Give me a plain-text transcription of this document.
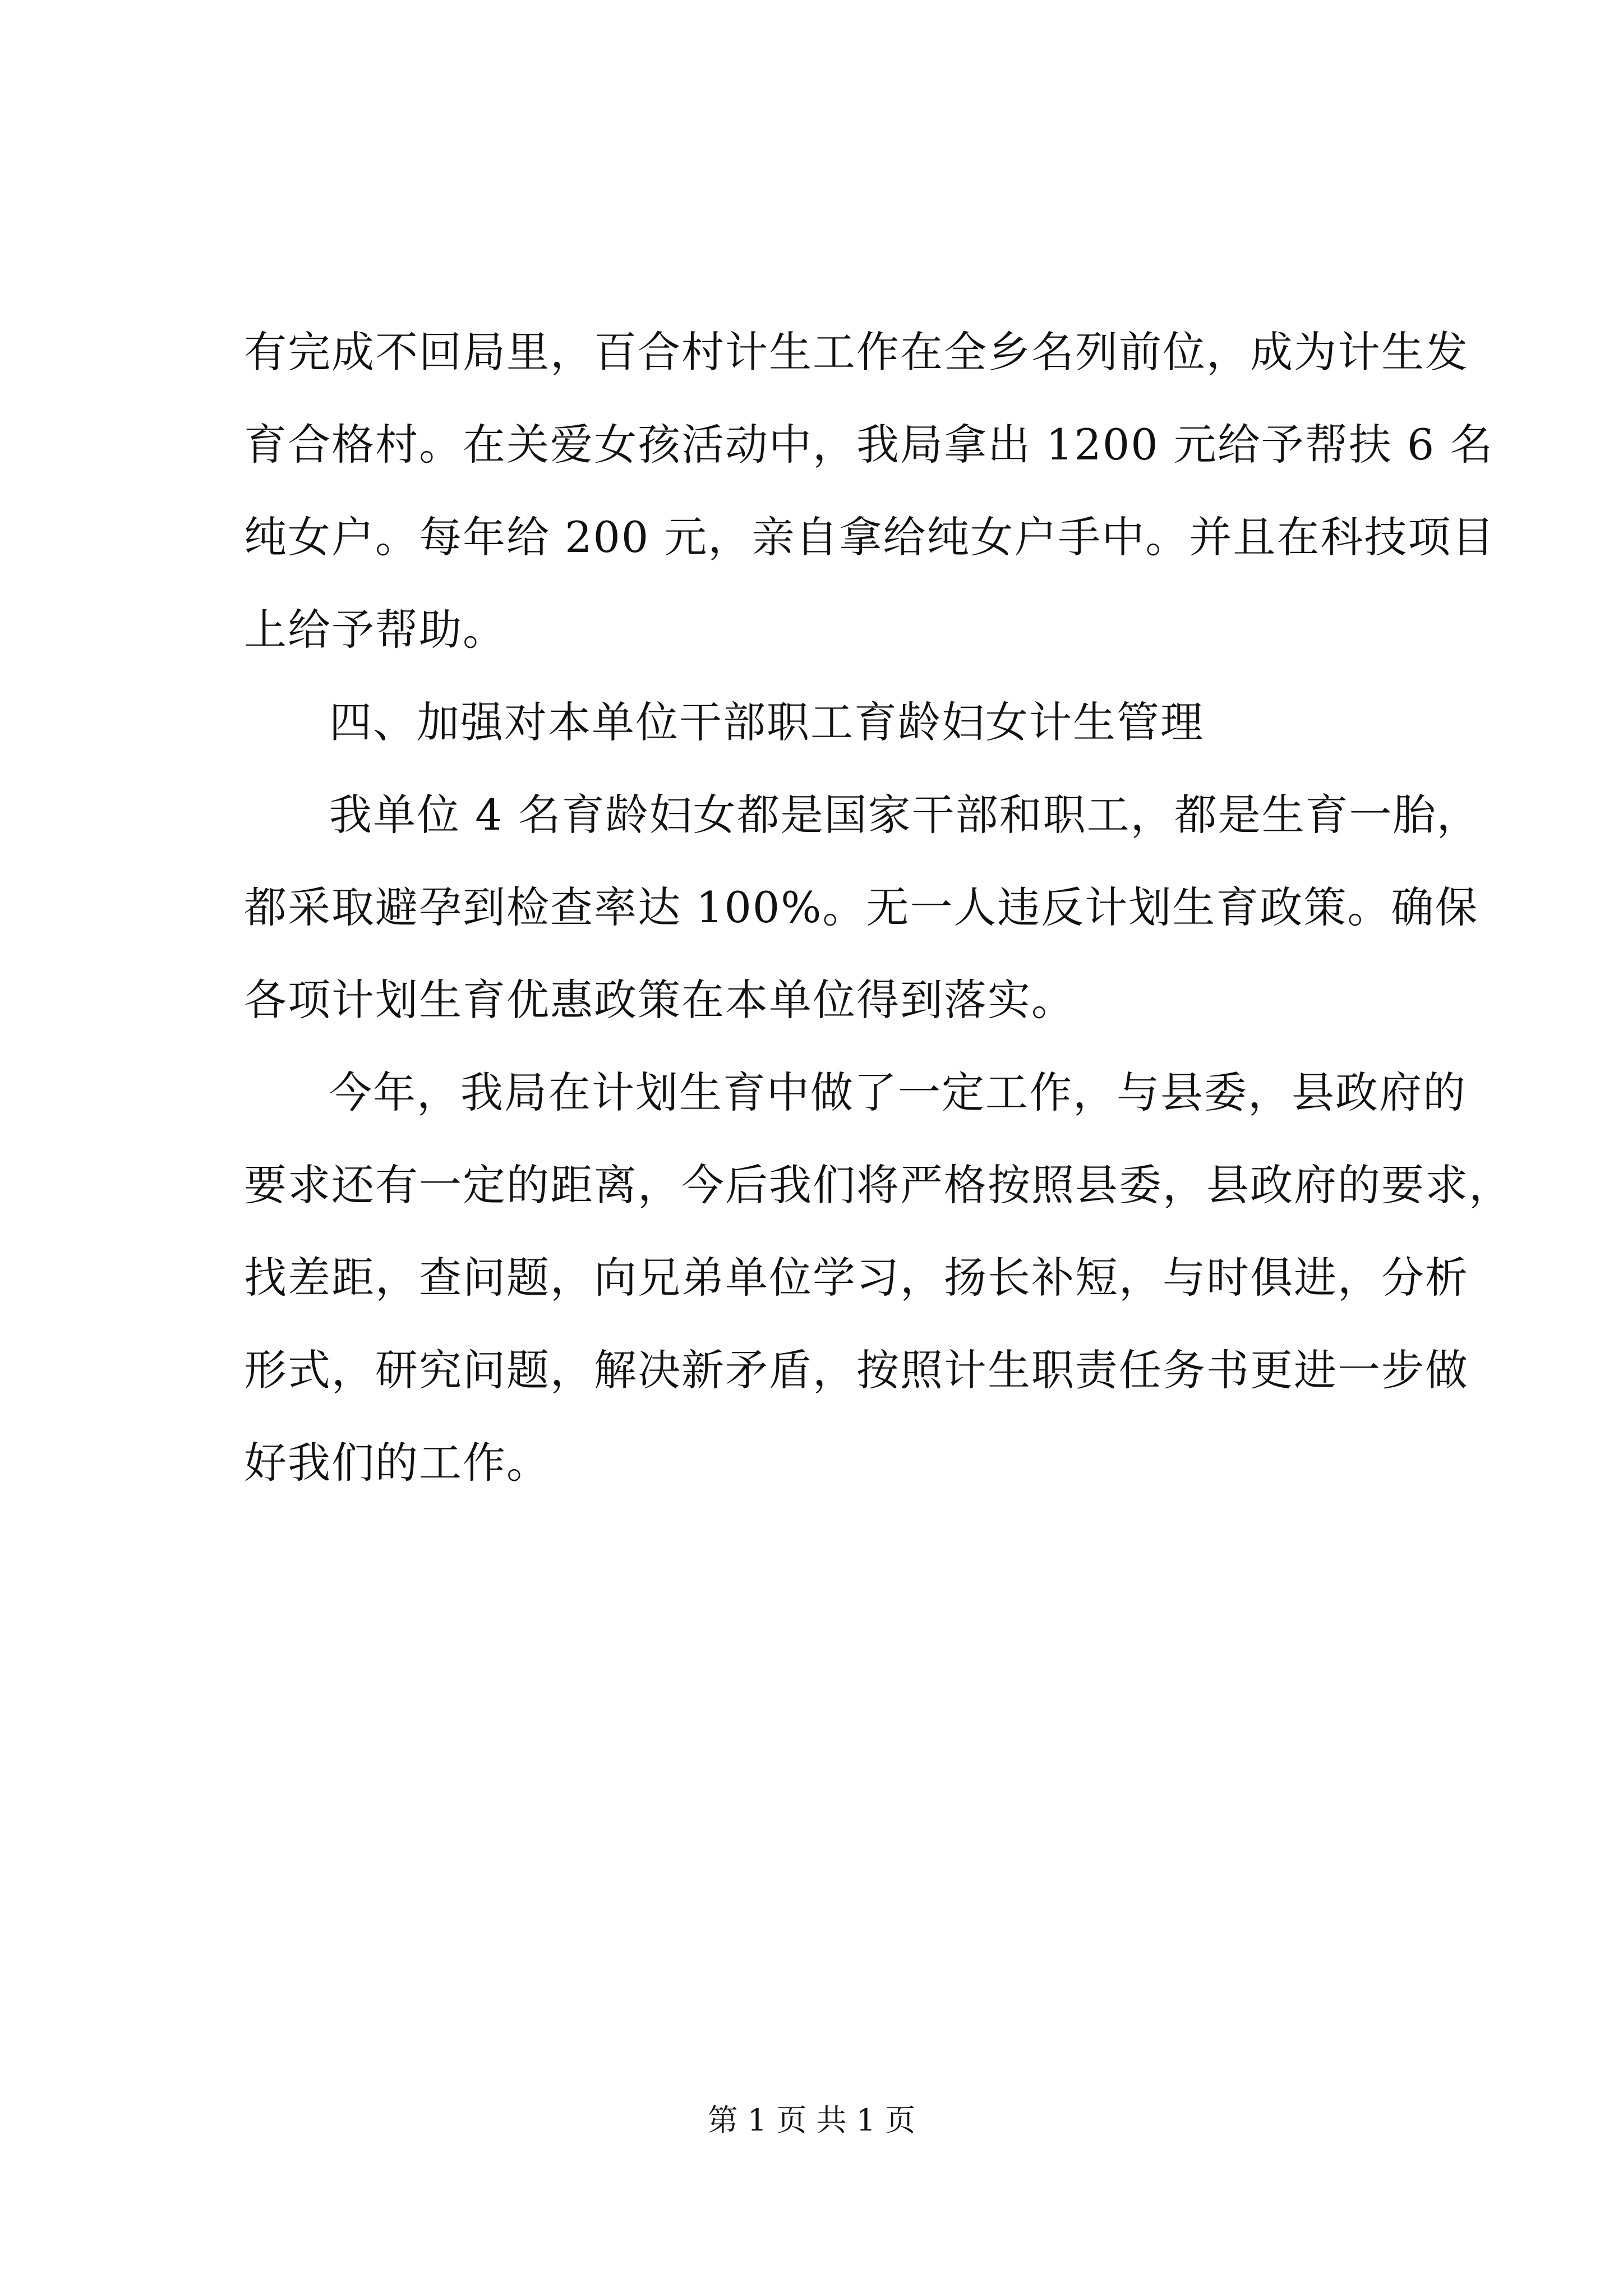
有完成不回局里，百合村计生工作在全乡名列前位，成为计生发
育合格村。在关爱女孩活动中，我局拿出 1200 元给予帮扶 6 名
纯女户。每年给 200 元，亲自拿给纯女户手中。并且在科技项目
上给予帮助。
四、加强对本单位干部职工育龄妇女计生管理
我单位 4 名育龄妇女都是国家干部和职工，都是生育一胎，
都采取避孕到检查率达 100%。无一人违反计划生育政策。确保
各项计划生育优惠政策在本单位得到落实。
今年，我局在计划生育中做了一定工作，与县委，县政府的
要求还有一定的距离，今后我们将严格按照县委，县政府的要求，
找差距，查问题，向兄弟单位学习，扬长补短，与时俱进，分析
形式，研究问题，解决新矛盾，按照计生职责任务书更进一步做
好我们的工作。
第 1 页 共 1 页
